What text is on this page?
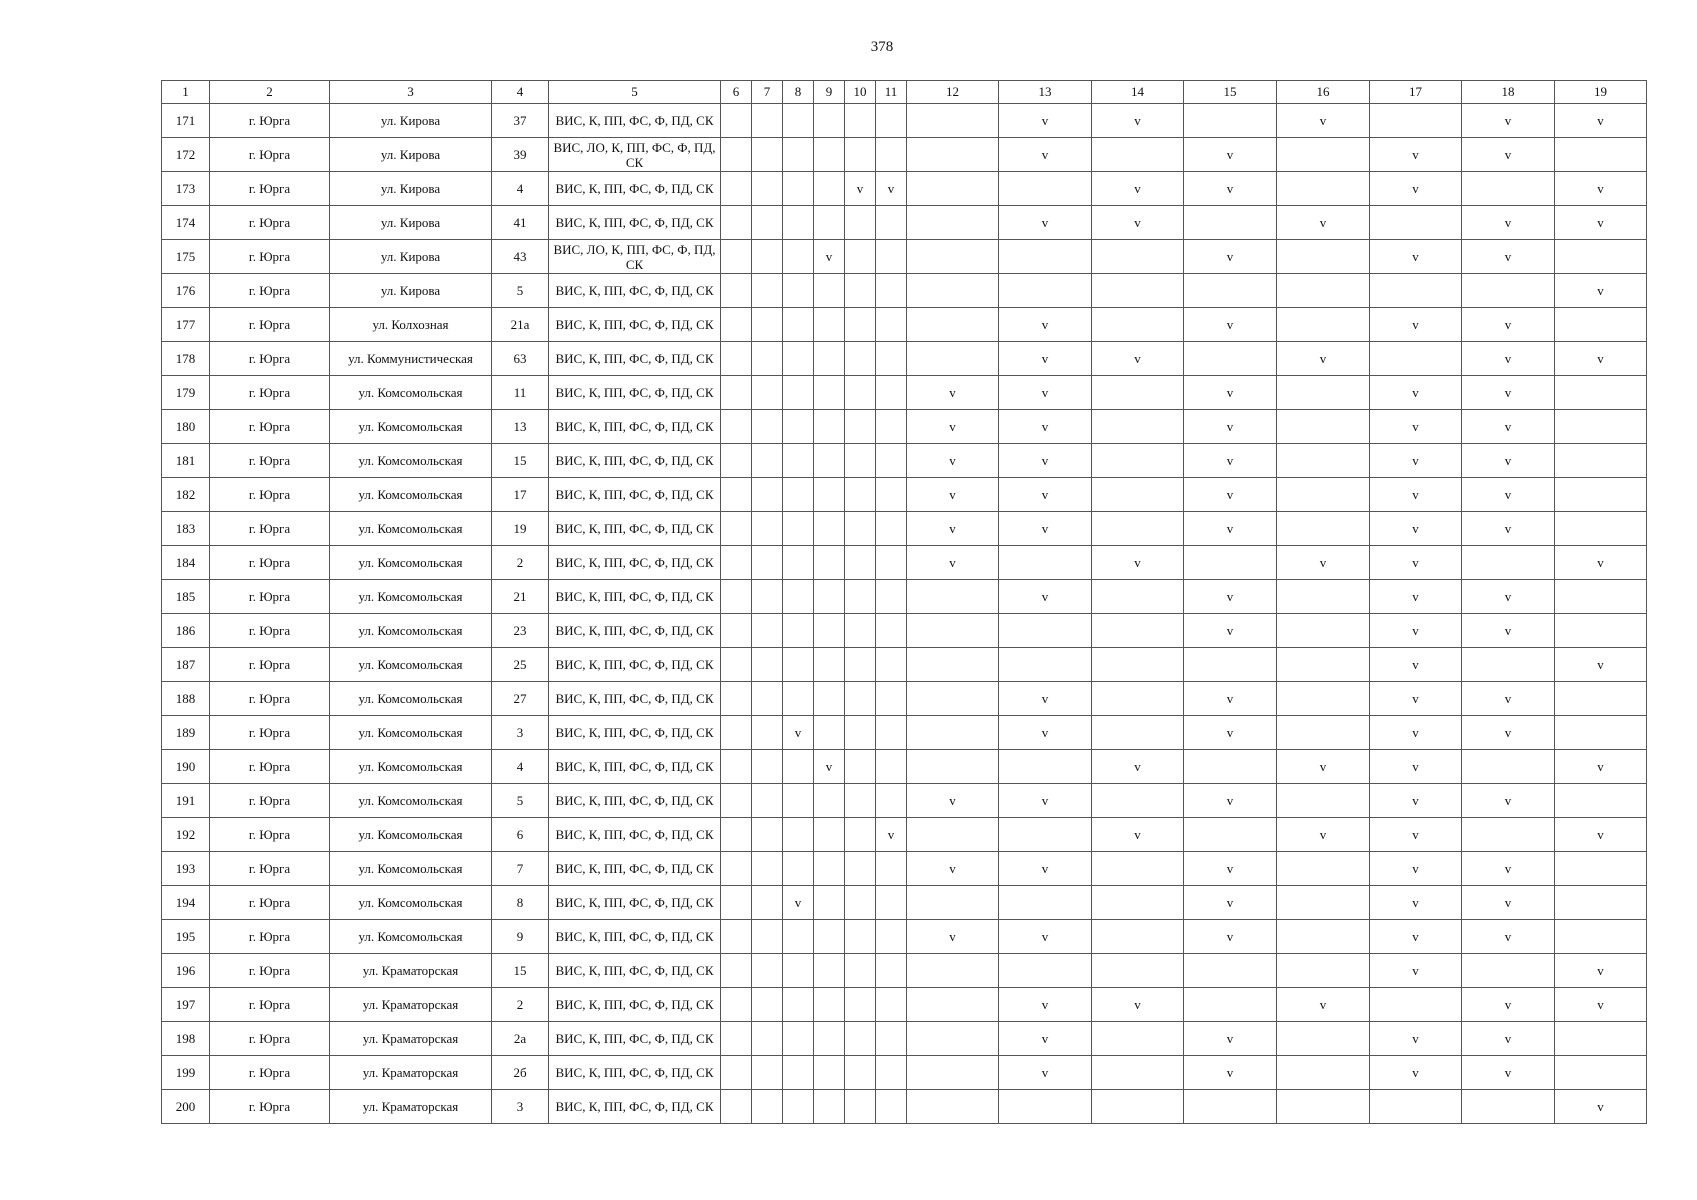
378
1	2	3	4	5	6	7	8	9	10	11	12	13	14	15	16	17	18	19
171	г. Юрга	ул. Кирова	37	ВИС, К, ПП, ФС, Ф, ПД, СК								v	v		v		v	v
172	г. Юрга	ул. Кирова	39	ВИС, ЛО, К, ПП, ФС, Ф, ПД, СК								v		v		v	v	
173	г. Юрга	ул. Кирова	4	ВИС, К, ПП, ФС, Ф, ПД, СК					v	v			v	v		v		v
174	г. Юрга	ул. Кирова	41	ВИС, К, ПП, ФС, Ф, ПД, СК								v	v		v		v	v
175	г. Юрга	ул. Кирова	43	ВИС, ЛО, К, ПП, ФС, Ф, ПД, СК				v						v		v	v	
176	г. Юрга	ул. Кирова	5	ВИС, К, ПП, ФС, Ф, ПД, СК														v
177	г. Юрга	ул. Колхозная	21а	ВИС, К, ПП, ФС, Ф, ПД, СК								v		v		v	v	
178	г. Юрга	ул. Коммунистическая	63	ВИС, К, ПП, ФС, Ф, ПД, СК								v	v		v		v	v
179	г. Юрга	ул. Комсомольская	11	ВИС, К, ПП, ФС, Ф, ПД, СК							v	v		v		v	v	
180	г. Юрга	ул. Комсомольская	13	ВИС, К, ПП, ФС, Ф, ПД, СК							v	v		v		v	v	
181	г. Юрга	ул. Комсомольская	15	ВИС, К, ПП, ФС, Ф, ПД, СК							v	v		v		v	v	
182	г. Юрга	ул. Комсомольская	17	ВИС, К, ПП, ФС, Ф, ПД, СК							v	v		v		v	v	
183	г. Юрга	ул. Комсомольская	19	ВИС, К, ПП, ФС, Ф, ПД, СК							v	v		v		v	v	
184	г. Юрга	ул. Комсомольская	2	ВИС, К, ПП, ФС, Ф, ПД, СК							v		v		v	v		v
185	г. Юрга	ул. Комсомольская	21	ВИС, К, ПП, ФС, Ф, ПД, СК								v		v		v	v	
186	г. Юрга	ул. Комсомольская	23	ВИС, К, ПП, ФС, Ф, ПД, СК										v		v	v	
187	г. Юрга	ул. Комсомольская	25	ВИС, К, ПП, ФС, Ф, ПД, СК												v		v
188	г. Юрга	ул. Комсомольская	27	ВИС, К, ПП, ФС, Ф, ПД, СК								v		v		v	v	
189	г. Юрга	ул. Комсомольская	3	ВИС, К, ПП, ФС, Ф, ПД, СК			v					v		v		v	v	
190	г. Юрга	ул. Комсомольская	4	ВИС, К, ПП, ФС, Ф, ПД, СК				v					v		v	v		v
191	г. Юрга	ул. Комсомольская	5	ВИС, К, ПП, ФС, Ф, ПД, СК							v	v		v		v	v	
192	г. Юрга	ул. Комсомольская	6	ВИС, К, ПП, ФС, Ф, ПД, СК						v			v		v	v		v
193	г. Юрга	ул. Комсомольская	7	ВИС, К, ПП, ФС, Ф, ПД, СК							v	v		v		v	v	
194	г. Юрга	ул. Комсомольская	8	ВИС, К, ПП, ФС, Ф, ПД, СК			v							v		v	v	
195	г. Юрга	ул. Комсомольская	9	ВИС, К, ПП, ФС, Ф, ПД, СК							v	v		v		v	v	
196	г. Юрга	ул. Краматорская	15	ВИС, К, ПП, ФС, Ф, ПД, СК												v		v
197	г. Юрга	ул. Краматорская	2	ВИС, К, ПП, ФС, Ф, ПД, СК								v	v		v		v	v
198	г. Юрга	ул. Краматорская	2а	ВИС, К, ПП, ФС, Ф, ПД, СК								v		v		v	v	
199	г. Юрга	ул. Краматорская	2б	ВИС, К, ПП, ФС, Ф, ПД, СК								v		v		v	v	
200	г. Юрга	ул. Краматорская	3	ВИС, К, ПП, ФС, Ф, ПД, СК														v
